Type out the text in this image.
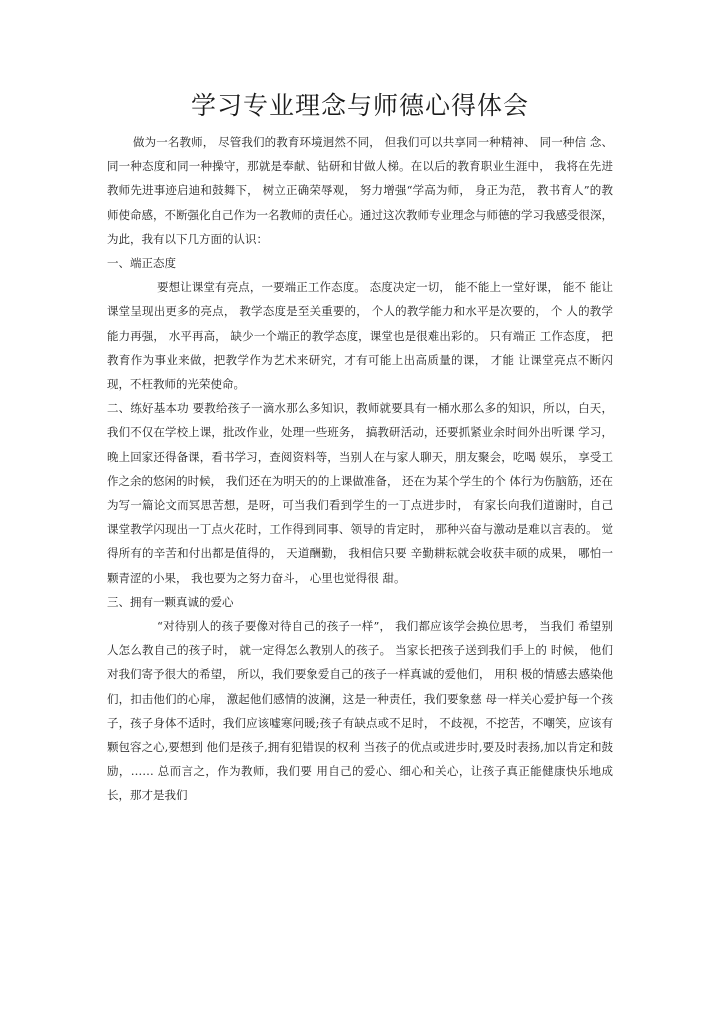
学习专业理念与师德心得体会

做为一名教师， 尽管我们的教育环境迥然不同， 但我们可以共享同一种精神、 同一种信 念、同一种态度和同一种操守，那就是奉献、钻研和甘做人梯。在以后的教育职业生涯中， 我将在先进教师先进事迹启迪和鼓舞下， 树立正确荣辱观， 努力增强“学高为师， 身正为范， 教书育人”的教师使命感，不断强化自己作为一名教师的责任心。通过这次教师专业理念与师德的学习我感受很深，为此，我有以下几方面的认识：

一、端正态度

要想让课堂有亮点，一要端正工作态度。 态度决定一切， 能不能上一堂好课， 能不 能让课堂呈现出更多的亮点， 教学态度是至关重要的， 个人的教学能力和水平是次要的， 个 人的教学能力再强， 水平再高， 缺少一个端正的教学态度，课堂也是很难出彩的。 只有端正 工作态度， 把教育作为事业来做，把教学作为艺术来研究，才有可能上出高质量的课， 才能 让课堂亮点不断闪现，不枉教师的光荣使命。

二、练好基本功 要教给孩子一滴水那么多知识，教师就要具有一桶水那么多的知识，所以，白天， 我们不仅在学校上课，批改作业，处理一些班务， 搞教研活动，还要抓紧业余时间外出听课 学习，晚上回家还得备课，看书学习，查阅资料等，当别人在与家人聊天，朋友聚会，吃喝 娱乐， 享受工作之余的悠闲的时候， 我们还在为明天的的上课做准备， 还在为某个学生的个 体行为伤脑筋，还在为写一篇论文而冥思苦想，是呀，可当我们看到学生的一丁点进步时， 有家长向我们道谢时，自己课堂教学闪现出一丁点火花时，工作得到同事、领导的肯定时， 那种兴奋与激动是难以言表的。 觉得所有的辛苦和付出都是值得的， 天道酬勤， 我相信只要 辛勤耕耘就会收获丰硕的成果， 哪怕一颗青涩的小果， 我也要为之努力奋斗， 心里也觉得很 甜。

三、拥有一颗真诚的爱心

“对待别人的孩子要像对待自己的孩子一样”， 我们都应该学会换位思考， 当我们 希望别人怎么教自己的孩子时， 就一定得怎么教别人的孩子。 当家长把孩子送到我们手上的 时候， 他们对我们寄予很大的希望， 所以，我们要象爱自己的孩子一样真诚的爱他们， 用积 极的情感去感染他们，扣击他们的心扉， 激起他们感情的波澜，这是一种责任，我们要象慈 母一样关心爱护每一个孩子，孩子身体不适时，我们应该嘘寒问暖;孩子有缺点或不足时， 不歧视，不挖苦，不嘲笑，应该有颗包容之心,要想到 他们是孩子,拥有犯错误的权利 当孩子的优点或进步时,要及时表扬,加以肯定和鼓励，…… 总而言之，作为教师，我们要 用自己的爱心、细心和关心，让孩子真正能健康快乐地成长，那才是我们
